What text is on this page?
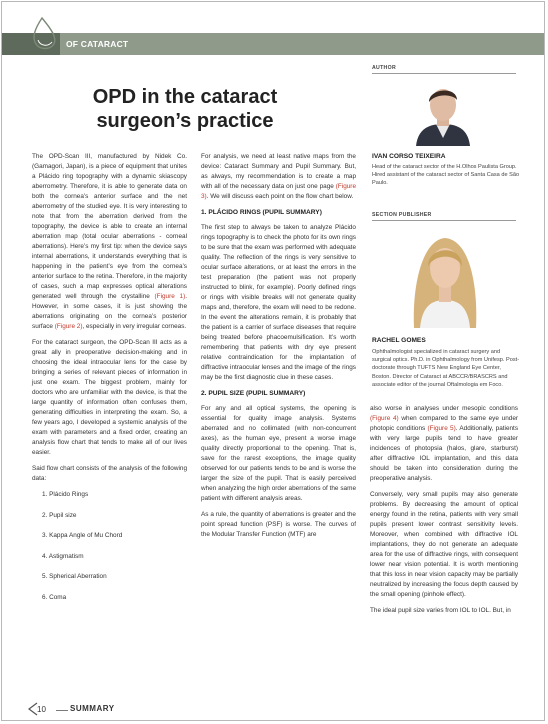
OF CATARACT
OPD in the cataract
surgeon’s practice

The OPD-Scan III, manufactured by Nidek Co. (Gamagori, Japan), is a piece of equipment that unites a Plácido ring topography with a dynamic skiascopy aberrometry. Therefore, it is able to generate data on both the cornea’s anterior surface and the net aberrometry of the studied eye. It is very interesting to note that from the aberration derived from the topography, the device is able to create an internal aberration map (total ocular aberrations - corneal aberrations). Here’s my first tip: when the device says internal aberrations, it understands everything that is happening in the patient’s eye from the cornea’s anterior surface to the retina. Therefore, in the majority of cases, such a map expresses optical alterations generated well through the crystalline (Figure 1). However, in some cases, it is just showing the aberrations originating on the cornea’s posterior surface (Figure 2), especially in very irregular corneas.

For the cataract surgeon, the OPD-Scan III acts as a great ally in preoperative decision-making and in choosing the ideal intraocular lens for the case by bringing a series of relevant pieces of information in just one exam. The biggest problem, mainly for doctors who are unfamiliar with the device, is that the large quantity of information often confuses them, generating difficulties in interpreting the exam. So, a few years ago, I developed a systemic analysis of the exam with parameters and a fixed order, creating an analysis flow chart that tends to make all of our lives easier.

Said flow chart consists of the analysis of the following data:

1. Plácido Rings
2. Pupil size
3. Kappa Angle of Mu Chord
4. Astigmatism
5. Spherical Aberration
6. Coma

For analysis, we need at least native maps from the device: Cataract Summary and Pupil Summary. But, as always, my recommendation is to create a map with all of the necessary data on just one page (Figure 3). We will discuss each point on the flow chart below.

1. PLÁCIDO RINGS (PUPIL SUMMARY)

The first step to always be taken to analyze Plácido rings topography is to check the photo for its own rings to be sure that the exam was performed with adequate quality. The reflection of the rings is very sensitive to ocular surface alterations, or at least the errors in the test preparation (the patient was not properly instructed to blink, for example). Poorly defined rings or rings with visible breaks will not generate quality maps and, therefore, the exam will need to be redone. In the event the alterations remain, it is probably that the patient is a carrier of surface diseases that require being treated before phacoemulsification. It’s worth remembering that patients with dry eye present relative contraindication for the implantation of diffractive intraocular lenses and the image of the rings may be the first diagnostic clue in these cases.

2. PUPIL SIZE (PUPIL SUMMARY)

For any and all optical systems, the opening is essential for quality image analysis. Systems aberrated and no collimated (with non-concurrent axes), as the human eye, present a worse image quality directly proportional to the opening. That is, save for the rarest exceptions, the image quality observed for our patients tends to be and is worse the larger the size of the pupil. That is easily perceived when analyzing the high order aberrations of the same patient with different analysis areas.

As a rule, the quantity of aberrations is greater and the point spread function (PSF) is worse. The curves of the Modular Transfer Function (MTF) are

AUTHOR
IVAN CORSO TEIXEIRA
Head of the cataract sector of the H.Olhos Paulista Group. Hired assistant of the cataract sector of Santa Casa de São Paulo.
SECTION PUBLISHER
RACHEL GOMES
Ophthalmologist specialized in cataract surgery and surgical optics. Ph.D. in Ophthalmology from Unifesp. Post-doctorate through TUFTS New England Eye Center, Boston. Director of Cataract at ABCCR/BRASCRS and associate editor of the journal Oftalmologia em Foco.

also worse in analyses under mesopic conditions (Figure 4) when compared to the same eye under photopic conditions (Figure 5). Additionally, patients with very large pupils tend to have greater incidences of photopsia (halos, glare, starburst) after diffractive IOL implantation, and this data should be taken into consideration during the preoperative analysis.

Conversely, very small pupils may also generate problems. By decreasing the amount of optical energy found in the retina, patients with very small pupils present lower contrast sensitivity levels. Moreover, when combined with diffractive IOL implantations, they do not generate an adequate area for the use of diffractive rings, with consequent lower near vision potential. It is worth mentioning that this loss in near vision capacity may be partially neutralized by increasing the focus depth caused by the small opening (pinhole effect).

The ideal pupil size varies from IOL to IOL. But, in

10	SUMMARY
